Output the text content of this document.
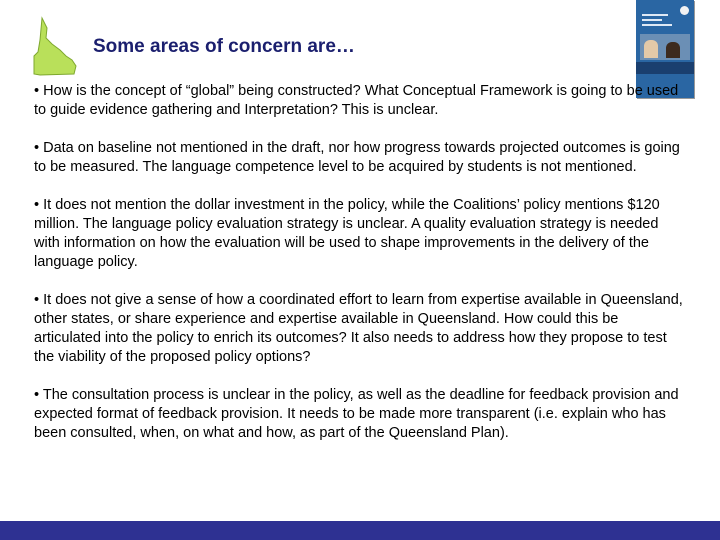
Some areas of concern are…

• How is the concept of “global” being constructed? What Conceptual Framework is going to be used to guide evidence gathering and Interpretation? This is unclear.

• Data on baseline not mentioned in the draft, nor how progress towards projected outcomes is going to be measured. The language competence level to be acquired by students is not mentioned.

• It does not mention the dollar investment in the policy, while the Coalitions’ policy mentions $120 million. The language policy evaluation strategy is unclear. A quality evaluation strategy is needed with information on how the evaluation will be used to shape improvements in the delivery of the language policy.

• It does not give a sense of how a coordinated effort to learn from expertise available in Queensland, other states, or share experience and expertise available in Queensland. How could this be articulated into the policy to enrich its outcomes? It also needs to address how they propose to test the viability of the proposed policy options?

• The consultation process is unclear in the policy, as well as the deadline for feedback provision and expected format of feedback provision. It needs to be made more transparent (i.e. explain who has been consulted, when, on what and how, as part of the Queensland Plan).
